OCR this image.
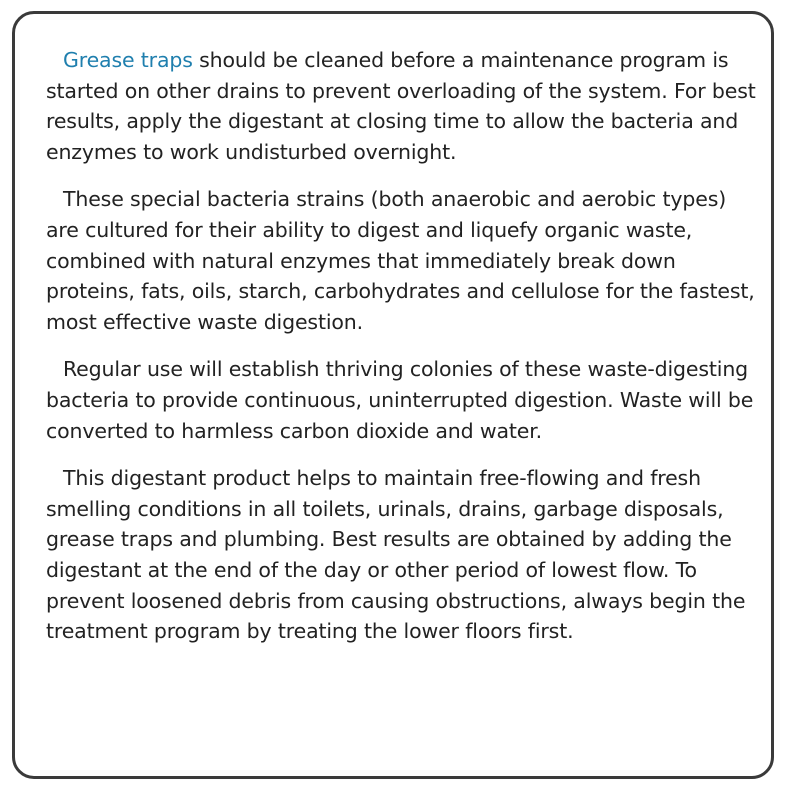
Grease traps should be cleaned before a maintenance program is started on other drains to prevent overloading of the system. For best results, apply the digestant at closing time to allow the bacteria and enzymes to work undisturbed overnight.

These special bacteria strains (both anaerobic and aerobic types) are cultured for their ability to digest and liquefy organic waste, combined with natural enzymes that immediately break down proteins, fats, oils, starch, carbohydrates and cellulose for the fastest, most effective waste digestion.

Regular use will establish thriving colonies of these waste-digesting bacteria to provide continuous, uninterrupted digestion. Waste will be converted to harmless carbon dioxide and water.

This digestant product helps to maintain free-flowing and fresh smelling conditions in all toilets, urinals, drains, garbage disposals, grease traps and plumbing. Best results are obtained by adding the digestant at the end of the day or other period of lowest flow. To prevent loosened debris from causing obstructions, always begin the treatment program by treating the lower floors first.
